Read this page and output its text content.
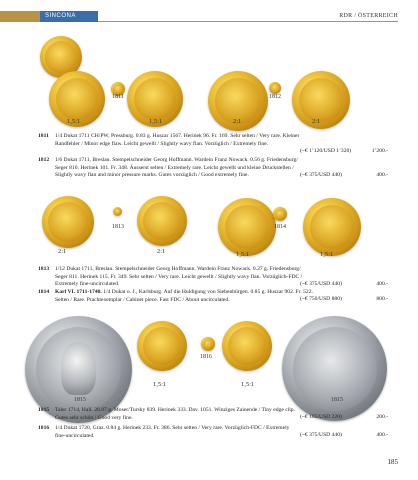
SINCONA	RDR / ÖSTERREICH
1811	1812
1,5:1	1,5:1	2:1	2:1
1811 1/4 Dukat 1711 CH/PW, Pressburg. 0.83 g. Huszar 1567. Herinek 96. Fr. 169. Sehr selten / Very rare. Kleiner
Randfehler / Minor edge flaw. Leicht gewellt / Slightly wavy flan. Vorzüglich / Extremely fine.
(~€ 1’120/USD 1’320)	1’200.-
1812 1/6 Dukat 1711, Breslau. Stempelschneider Georg Hoffmann. Wardein Franz Nowack. 0.56 g. Friedensburg/
Seger 810. Herinek 101. Fr. 348. Äusserst selten / Extremely rare. Leicht gewellt und kleine Druckstellen /
Slightly wavy flan and minor pressure marks. Gutes vorzüglich / Good extremely fine.	(~€ 375/USD 440)	400.-
1813	1814
2:1	2:1	1,5:1	1,5:1
1813 1/12 Dukat 1711, Breslau. Stempelschneider Georg Hoffmann. Wardein Franz Nowack. 0.27 g. Friedensburg/
Seger 811. Herinek 115. Fr. 349. Sehr selten / Very rare. Leicht gewellt / Slightly wavy flan. Vorzüglich-FDC /
Extremely fine-uncirculated.	(~€ 375/USD 440)	400.-
1814 Karl VI. 1711-1740. 1/4 Dukat o. J., Karlsburg. Auf die Huldigung von Siebenbürgen. 0.85 g. Huszar 902. Fr. 522.
Selten / Rare. Prachtexemplar / Cabinet piece. Fast FDC / About uncirculated.	(~€ 750/USD 880)	800.-
1816
1,5:1	1,5:1
1815	1815
1815 Taler 1714, Hall. 28.87 g. Moser/Tursky 839. Herinek 333. Dav. 1051. Winziges Zainende / Tiny edge clip.
Gutes sehr schön / Good very fine.	(~€ 185/USD 220)	200.-
1816 1/4 Dukat 1720, Graz. 0.84 g. Herinek 233. Fr. 386. Sehr selten / Very rare. Vorzüglich-FDC / Extremely
fine-uncirculated.	(~€ 375/USD 440)	400.-
185
